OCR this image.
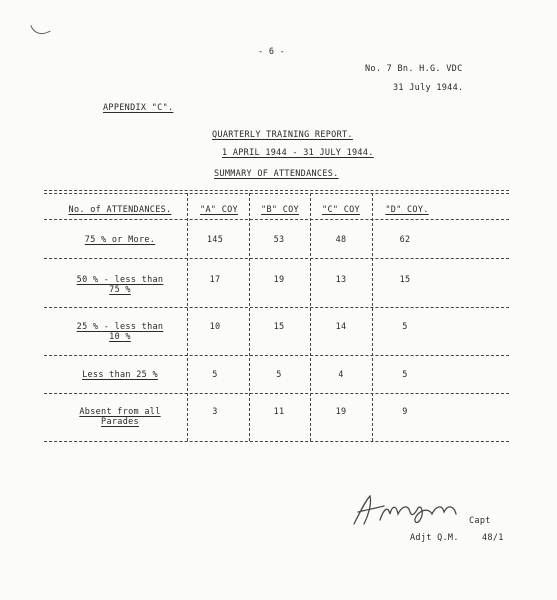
- 6 -
No. 7 Bn. H.G. VDC
31 July 1944.
APPENDIX "C".
QUARTERLY TRAINING REPORT.
1 APRIL 1944 - 31 JULY 1944.
SUMMARY OF ATTENDANCES.
No. of ATTENDANCES.	"A" COY	"B" COY	"C" COY	"D" COY.
75 % or More.	145	53	48	62
50 % - less than
75 %
17	19	13	15
25 % - less than
10 %
10	15	14	5
Less than 25 %	5	5	4	5
Absent from all
Parades
3	11	19	9
Capt
Adjt Q.M.	48/1
